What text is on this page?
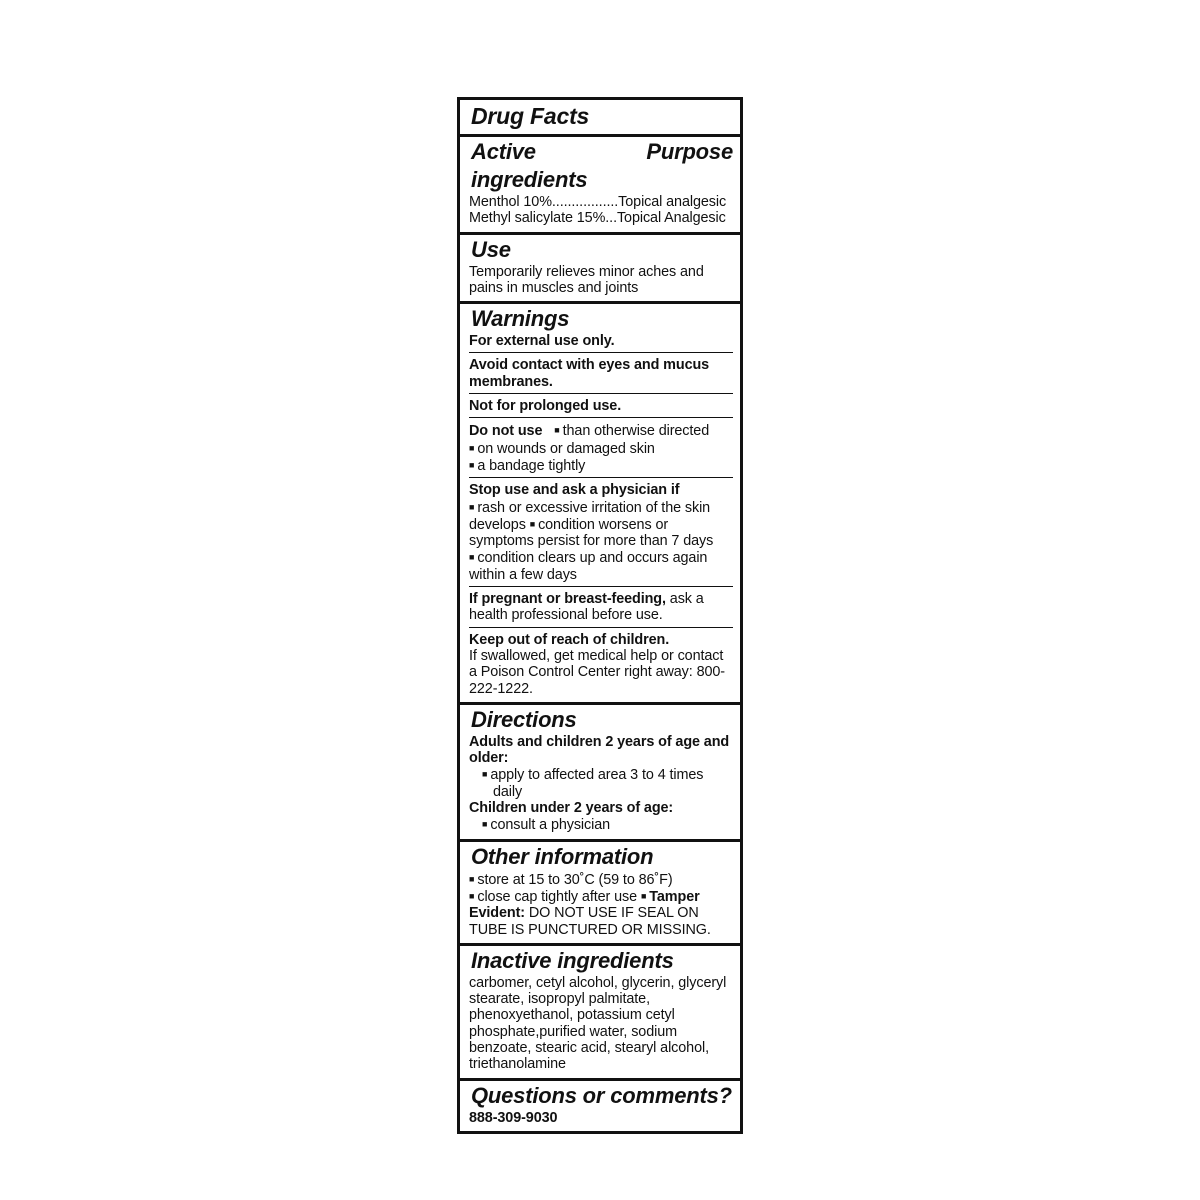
Drug Facts
Active ingredients
Purpose
Menthol 10%.................Topical analgesic
Methyl salicylate 15%...Topical Analgesic
Use
Temporarily relieves minor aches and pains in muscles and joints
Warnings
For external use only.
Avoid contact with eyes and mucus membranes.
Not for prolonged use.
Do not use ■ than otherwise directed
■ on wounds or damaged skin
■ a bandage tightly
Stop use and ask a physician if
■ rash or excessive irritation of the skin develops ■ condition worsens or symptoms persist for more than 7 days ■ condition clears up and occurs again within a few days
If pregnant or breast-feeding, ask a health professional before use.
Keep out of reach of children.
If swallowed, get medical help or contact a Poison Control Center right away: 800-222-1222.
Directions
Adults and children 2 years of age and older:
■ apply to affected area 3 to 4 times daily
Children under 2 years of age:
■ consult a physician
Other information
■ store at 15 to 30˚C (59 to 86˚F)
■ close cap tightly after use ■ Tamper Evident: DO NOT USE IF SEAL ON TUBE IS PUNCTURED OR MISSING.
Inactive ingredients
carbomer, cetyl alcohol, glycerin, glyceryl stearate, isopropyl palmitate, phenoxyethanol, potassium cetyl phosphate,purified water, sodium benzoate, stearic acid, stearyl alcohol, triethanolamine
Questions or comments?
888-309-9030
